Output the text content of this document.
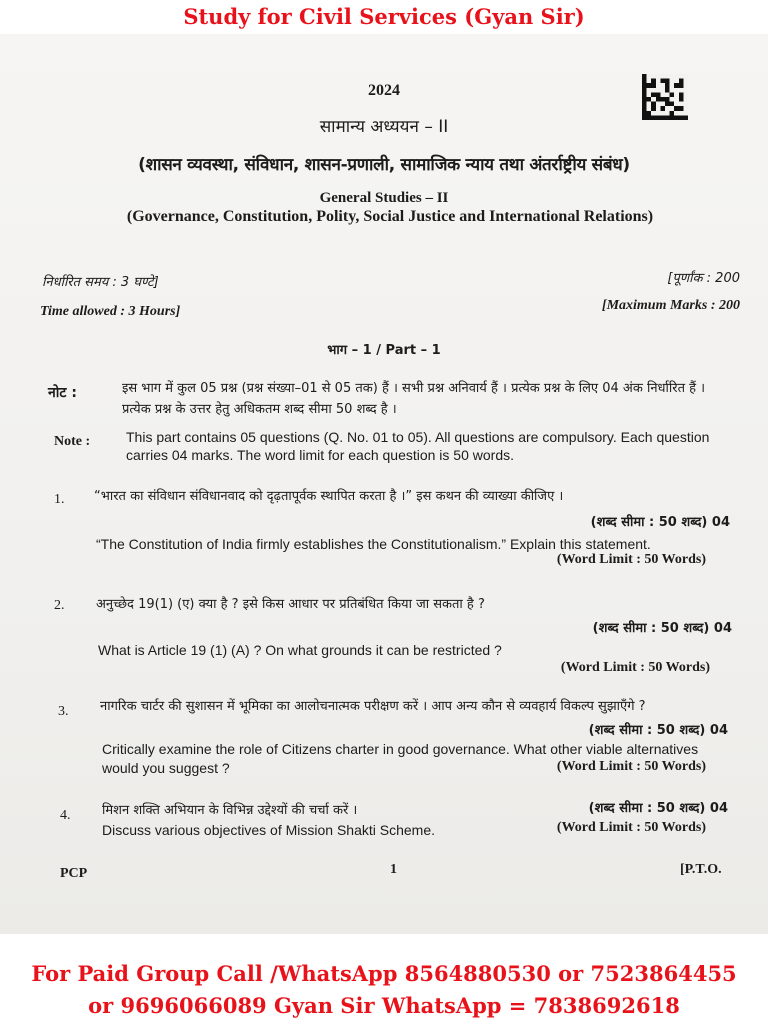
Study for Civil Services (Gyan Sir)
2024
सामान्य अध्ययन – II
(शासन व्यवस्था, संविधान, शासन-प्रणाली, सामाजिक न्याय तथा अंतर्राष्ट्रीय संबंध)
General Studies – II
(Governance, Constitution, Polity, Social Justice and International Relations)
निर्धारित समय : 3 घण्टे]	[पूर्णांक : 200
Time allowed : 3 Hours]	[Maximum Marks : 200
भाग – 1 / Part – 1
नोट :	इस भाग में कुल 05 प्रश्न (प्रश्न संख्या–01 से 05 तक) हैं । सभी प्रश्न अनिवार्य हैं । प्रत्येक प्रश्न के लिए 04 अंक निर्धारित हैं । प्रत्येक प्रश्न के उत्तर हेतु अधिकतम शब्द सीमा 50 शब्द है ।
Note :	This part contains 05 questions (Q. No. 01 to 05). All questions are compulsory. Each question carries 04 marks. The word limit for each question is 50 words.
1. “भारत का संविधान संविधानवाद को दृढ़तापूर्वक स्थापित करता है ।” इस कथन की व्याख्या कीजिए ।
(शब्द सीमा : 50 शब्द) 04
“The Constitution of India firmly establishes the Constitutionalism.” Explain this statement.
(Word Limit : 50 Words)
2. अनुच्छेद 19(1) (ए) क्या है ? इसे किस आधार पर प्रतिबंधित किया जा सकता है ?
(शब्द सीमा : 50 शब्द) 04
What is Article 19 (1) (A) ? On what grounds it can be restricted ?
(Word Limit : 50 Words)
3. नागरिक चार्टर की सुशासन में भूमिका का आलोचनात्मक परीक्षण करें । आप अन्य कौन से व्यवहार्य विकल्प सुझाएँगे ?
(शब्द सीमा : 50 शब्द) 04
Critically examine the role of Citizens charter in good governance. What other viable alternatives would you suggest ?	(Word Limit : 50 Words)
4. मिशन शक्ति अभियान के विभिन्न उद्देश्यों की चर्चा करें ।	(शब्द सीमा : 50 शब्द) 04
Discuss various objectives of Mission Shakti Scheme.	(Word Limit : 50 Words)
PCP	1	[P.T.O.
For Paid Group Call /WhatsApp 8564880530 or 7523864455
or 9696066089 Gyan Sir WhatsApp = 7838692618
